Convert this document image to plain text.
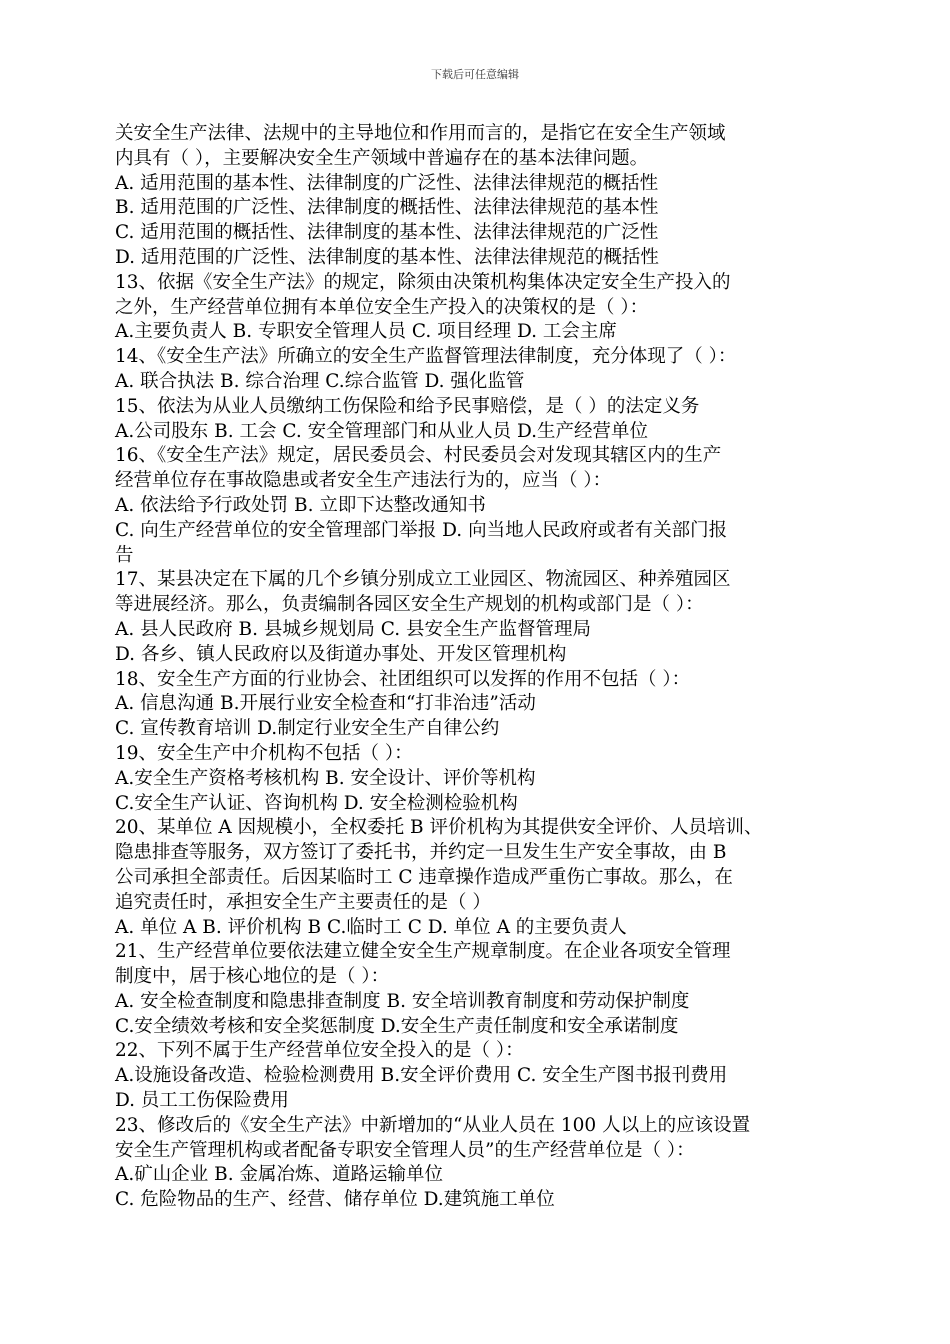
下载后可任意编辑
关安全生产法律、法规中的主导地位和作用而言的，是指它在安全生产领域
内具有（ ），主要解决安全生产领域中普遍存在的基本法律问题。
A. 适用范围的基本性、法律制度的广泛性、法律法律规范的概括性
B. 适用范围的广泛性、法律制度的概括性、法律法律规范的基本性
C. 适用范围的概括性、法律制度的基本性、法律法律规范的广泛性
D. 适用范围的广泛性、法律制度的基本性、法律法律规范的概括性
13、依据《安全生产法》的规定，除须由决策机构集体决定安全生产投入的
之外，生产经营单位拥有本单位安全生产投入的决策权的是（ ）：
A.主要负责人 B. 专职安全管理人员 C. 项目经理 D. 工会主席
14、《安全生产法》所确立的安全生产监督管理法律制度，充分体现了（ ）：
A. 联合执法 B. 综合治理 C.综合监管 D. 强化监管
15、依法为从业人员缴纳工伤保险和给予民事赔偿，是（ ）的法定义务
A.公司股东 B. 工会 C. 安全管理部门和从业人员 D.生产经营单位
16、《安全生产法》规定，居民委员会、村民委员会对发现其辖区内的生产
经营单位存在事故隐患或者安全生产违法行为的，应当（ ）：
A. 依法给予行政处罚 B. 立即下达整改通知书
C. 向生产经营单位的安全管理部门举报 D. 向当地人民政府或者有关部门报
告
17、某县决定在下属的几个乡镇分别成立工业园区、物流园区、种养殖园区
等进展经济。那么，负责编制各园区安全生产规划的机构或部门是（ ）：
A. 县人民政府 B. 县城乡规划局 C. 县安全生产监督管理局
D. 各乡、镇人民政府以及街道办事处、开发区管理机构
18、安全生产方面的行业协会、社团组织可以发挥的作用不包括（ ）：
A. 信息沟通 B.开展行业安全检查和“打非治违”活动
C. 宣传教育培训 D.制定行业安全生产自律公约
19、安全生产中介机构不包括（ ）：
A.安全生产资格考核机构 B. 安全设计、评价等机构
C.安全生产认证、咨询机构 D. 安全检测检验机构
20、某单位 A 因规模小，全权委托 B 评价机构为其提供安全评价、人员培训、
隐患排查等服务，双方签订了委托书，并约定一旦发生生产安全事故，由 B
公司承担全部责任。后因某临时工 C 违章操作造成严重伤亡事故。那么，在
追究责任时，承担安全生产主要责任的是（ ）
A. 单位 A B. 评价机构 B C.临时工 C D. 单位 A 的主要负责人
21、生产经营单位要依法建立健全安全生产规章制度。在企业各项安全管理
制度中，居于核心地位的是（ ）：
A. 安全检查制度和隐患排查制度 B. 安全培训教育制度和劳动保护制度
C.安全绩效考核和安全奖惩制度 D.安全生产责任制度和安全承诺制度
22、下列不属于生产经营单位安全投入的是（ ）：
A.设施设备改造、检验检测费用 B.安全评价费用 C. 安全生产图书报刊费用
D. 员工工伤保险费用
23、修改后的《安全生产法》中新增加的“从业人员在 100 人以上的应该设置
安全生产管理机构或者配备专职安全管理人员”的生产经营单位是（ ）：
A.矿山企业 B. 金属冶炼、道路运输单位
C. 危险物品的生产、经营、储存单位 D.建筑施工单位
